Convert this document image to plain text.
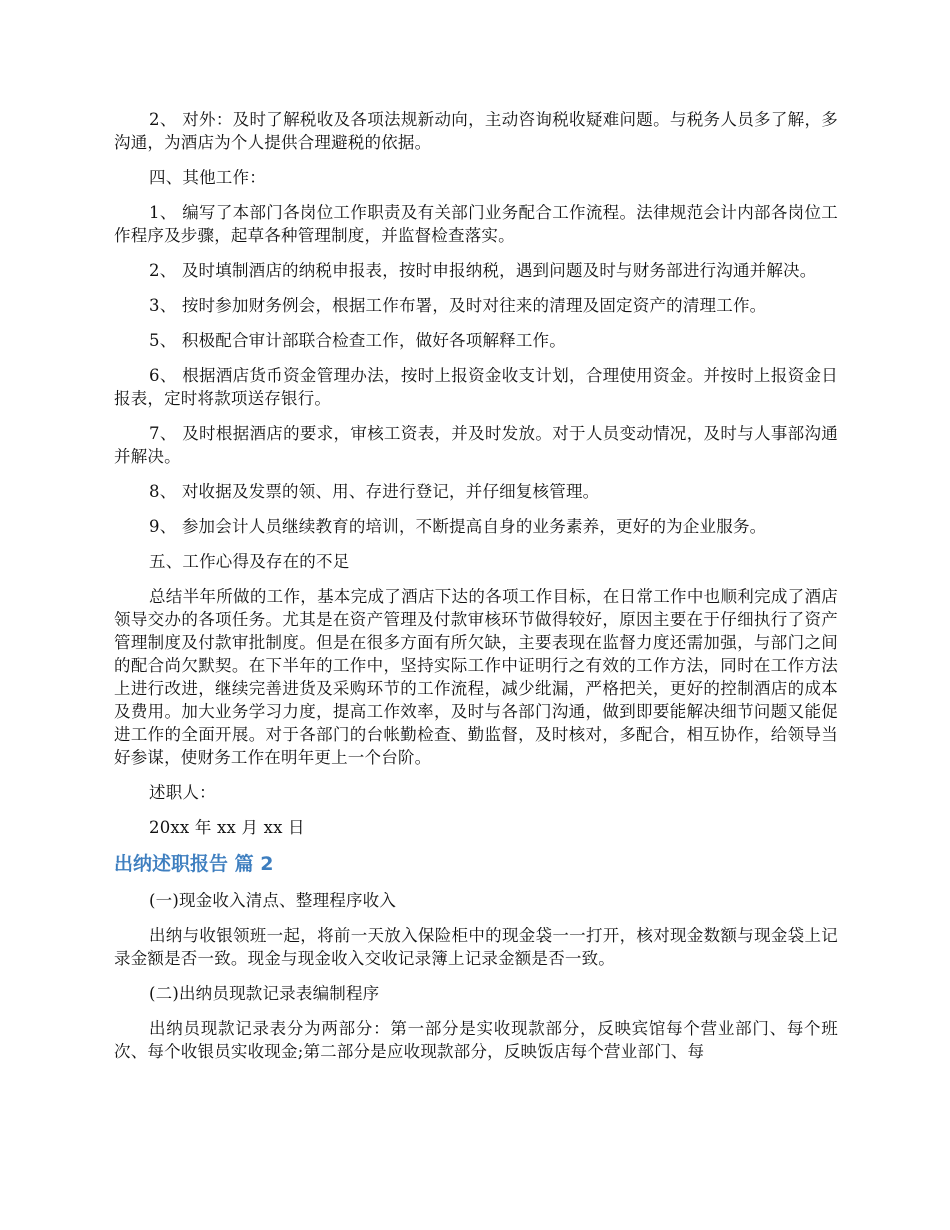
2、 对外：及时了解税收及各项法规新动向，主动咨询税收疑难问题。与税务人员多了解，多沟通，为酒店为个人提供合理避税的依据。

四、其他工作：

1、 编写了本部门各岗位工作职责及有关部门业务配合工作流程。法律规范会计内部各岗位工作程序及步骤，起草各种管理制度，并监督检查落实。

2、 及时填制酒店的纳税申报表，按时申报纳税，遇到问题及时与财务部进行沟通并解决。

3、 按时参加财务例会，根据工作布署，及时对往来的清理及固定资产的清理工作。

5、 积极配合审计部联合检查工作，做好各项解释工作。

6、 根据酒店货币资金管理办法，按时上报资金收支计划，合理使用资金。并按时上报资金日报表，定时将款项送存银行。

7、 及时根据酒店的要求，审核工资表，并及时发放。对于人员变动情况，及时与人事部沟通并解决。

8、 对收据及发票的领、用、存进行登记，并仔细复核管理。

9、 参加会计人员继续教育的培训，不断提高自身的业务素养，更好的为企业服务。

五、工作心得及存在的不足

总结半年所做的工作，基本完成了酒店下达的各项工作目标，在日常工作中也顺利完成了酒店领导交办的各项任务。尤其是在资产管理及付款审核环节做得较好，原因主要在于仔细执行了资产管理制度及付款审批制度。但是在很多方面有所欠缺，主要表现在监督力度还需加强，与部门之间的配合尚欠默契。在下半年的工作中，坚持实际工作中证明行之有效的工作方法，同时在工作方法上进行改进，继续完善进货及采购环节的工作流程，减少纰漏，严格把关，更好的控制酒店的成本及费用。加大业务学习力度，提高工作效率，及时与各部门沟通，做到即要能解决细节问题又能促进工作的全面开展。对于各部门的台帐勤检查、勤监督，及时核对，多配合，相互协作，给领导当好参谋，使财务工作在明年更上一个台阶。

述职人：

20xx 年 xx 月 xx 日

出纳述职报告 篇 2

(一)现金收入清点、整理程序收入

出纳与收银领班一起，将前一天放入保险柜中的现金袋一一打开，核对现金数额与现金袋上记录金额是否一致。现金与现金收入交收记录簿上记录金额是否一致。

(二)出纳员现款记录表编制程序

出纳员现款记录表分为两部分：第一部分是实收现款部分，反映宾馆每个营业部门、每个班次、每个收银员实收现金;第二部分是应收现款部分，反映饭店每个营业部门、每
